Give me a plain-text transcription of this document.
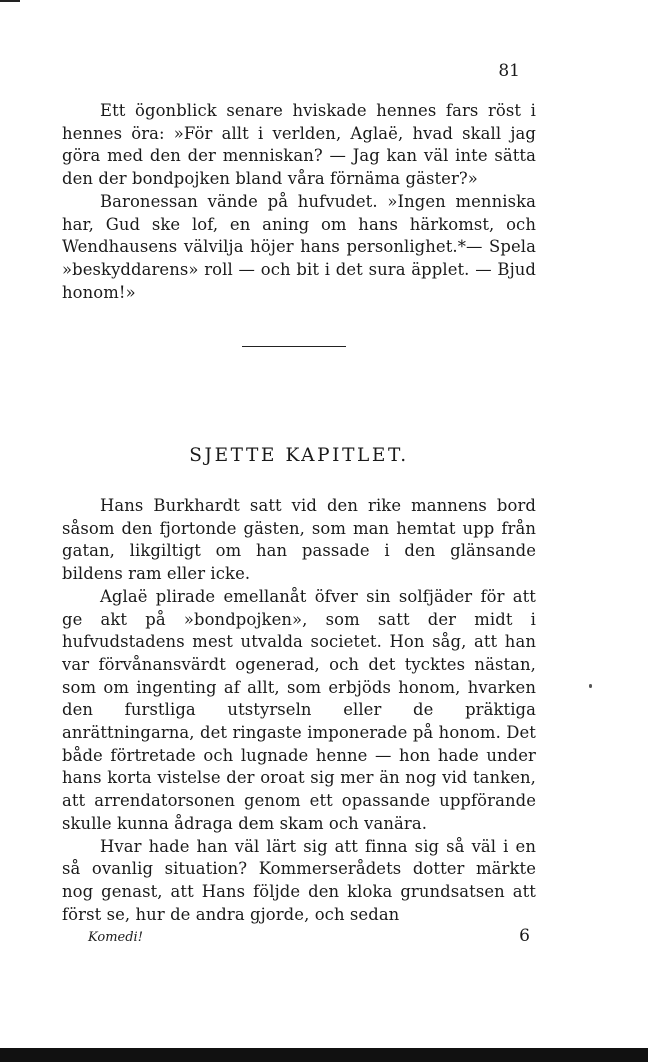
81

Ett ögonblick senare hviskade hennes fars röst i hennes öra: »För allt i verlden, Aglaë, hvad skall jag göra med den der menniskan? — Jag kan väl inte sätta den der bondpojken bland våra förnäma gäster?»

Baronessan vände på hufvudet. »Ingen menniska har, Gud ske lof, en aning om hans härkomst, och Wendhausens välvilja höjer hans personlighet.*— Spela »beskyddarens» roll — och bit i det sura äpplet. — Bjud honom!»

SJETTE KAPITLET.

Hans Burkhardt satt vid den rike mannens bord såsom den fjortonde gästen, som man hemtat upp från gatan, likgiltigt om han passade i den glänsande bildens ram eller icke.

Aglaë plirade emellanåt öfver sin solfjäder för att ge akt på »bondpojken», som satt der midt i hufvudstadens mest utvalda societet. Hon såg, att han var förvånansvärdt ogenerad, och det tycktes nästan, som om ingenting af allt, som erbjöds honom, hvarken den furstliga utstyrseln eller de präktiga anrättningarna, det ringaste imponerade på honom. Det både förtretade och lugnade henne — hon hade under hans korta vistelse der oroat sig mer än nog vid tanken, att arrendatorsonen genom ett opassande uppförande skulle kunna ådraga dem skam och vanära.

Hvar hade han väl lärt sig att finna sig så väl i en så ovanlig situation? Kommerserådets dotter märkte nog genast, att Hans följde den kloka grundsatsen att först se, hur de andra gjorde, och sedan

Komedi!	6
